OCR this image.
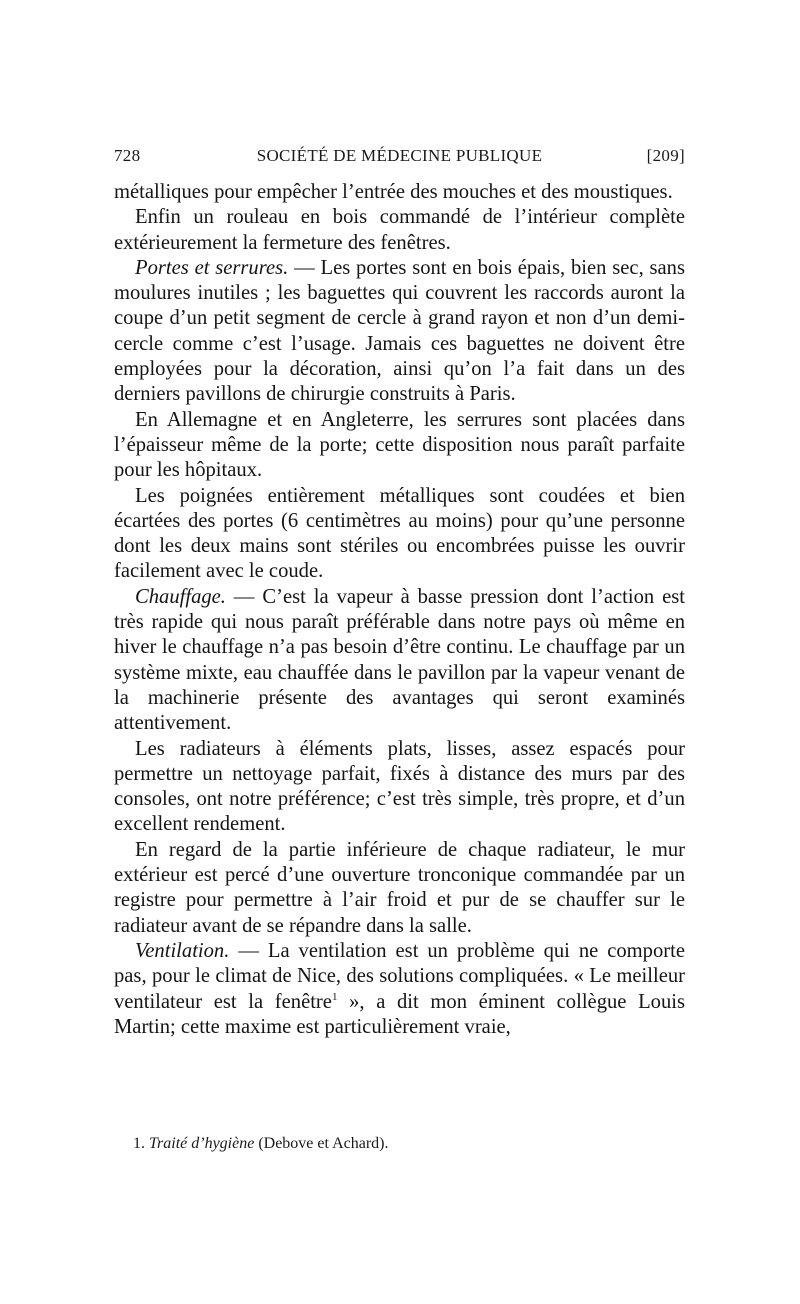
728	SOCIÉTÉ DE MÉDECINE PUBLIQUE	[209]

métalliques pour empêcher l’entrée des mouches et des moustiques.

Enfin un rouleau en bois commandé de l’intérieur complète extérieurement la fermeture des fenêtres.

Portes et serrures. — Les portes sont en bois épais, bien sec, sans moulures inutiles ; les baguettes qui couvrent les raccords auront la coupe d’un petit segment de cercle à grand rayon et non d’un demi-cercle comme c’est l’usage. Jamais ces baguettes ne doivent être employées pour la décoration, ainsi qu’on l’a fait dans un des derniers pavillons de chirurgie construits à Paris.

En Allemagne et en Angleterre, les serrures sont placées dans l’épaisseur même de la porte; cette disposition nous paraît parfaite pour les hôpitaux.

Les poignées entièrement métalliques sont coudées et bien écartées des portes (6 centimètres au moins) pour qu’une personne dont les deux mains sont stériles ou encombrées puisse les ouvrir facilement avec le coude.

Chauffage. — C’est la vapeur à basse pression dont l’action est très rapide qui nous paraît préférable dans notre pays où même en hiver le chauffage n’a pas besoin d’être continu. Le chauffage par un système mixte, eau chauffée dans le pavillon par la vapeur venant de la machinerie présente des avantages qui seront examinés attentivement.

Les radiateurs à éléments plats, lisses, assez espacés pour permettre un nettoyage parfait, fixés à distance des murs par des consoles, ont notre préférence; c’est très simple, très propre, et d’un excellent rendement.

En regard de la partie inférieure de chaque radiateur, le mur extérieur est percé d’une ouverture tronconique commandée par un registre pour permettre à l’air froid et pur de se chauffer sur le radiateur avant de se répandre dans la salle.

Ventilation. — La ventilation est un problème qui ne comporte pas, pour le climat de Nice, des solutions compliquées. « Le meilleur ventilateur est la fenêtre$^1$ », a dit mon éminent collègue Louis Martin; cette maxime est particulièrement vraie,

1. Traité d’hygiène (Debove et Achard).
